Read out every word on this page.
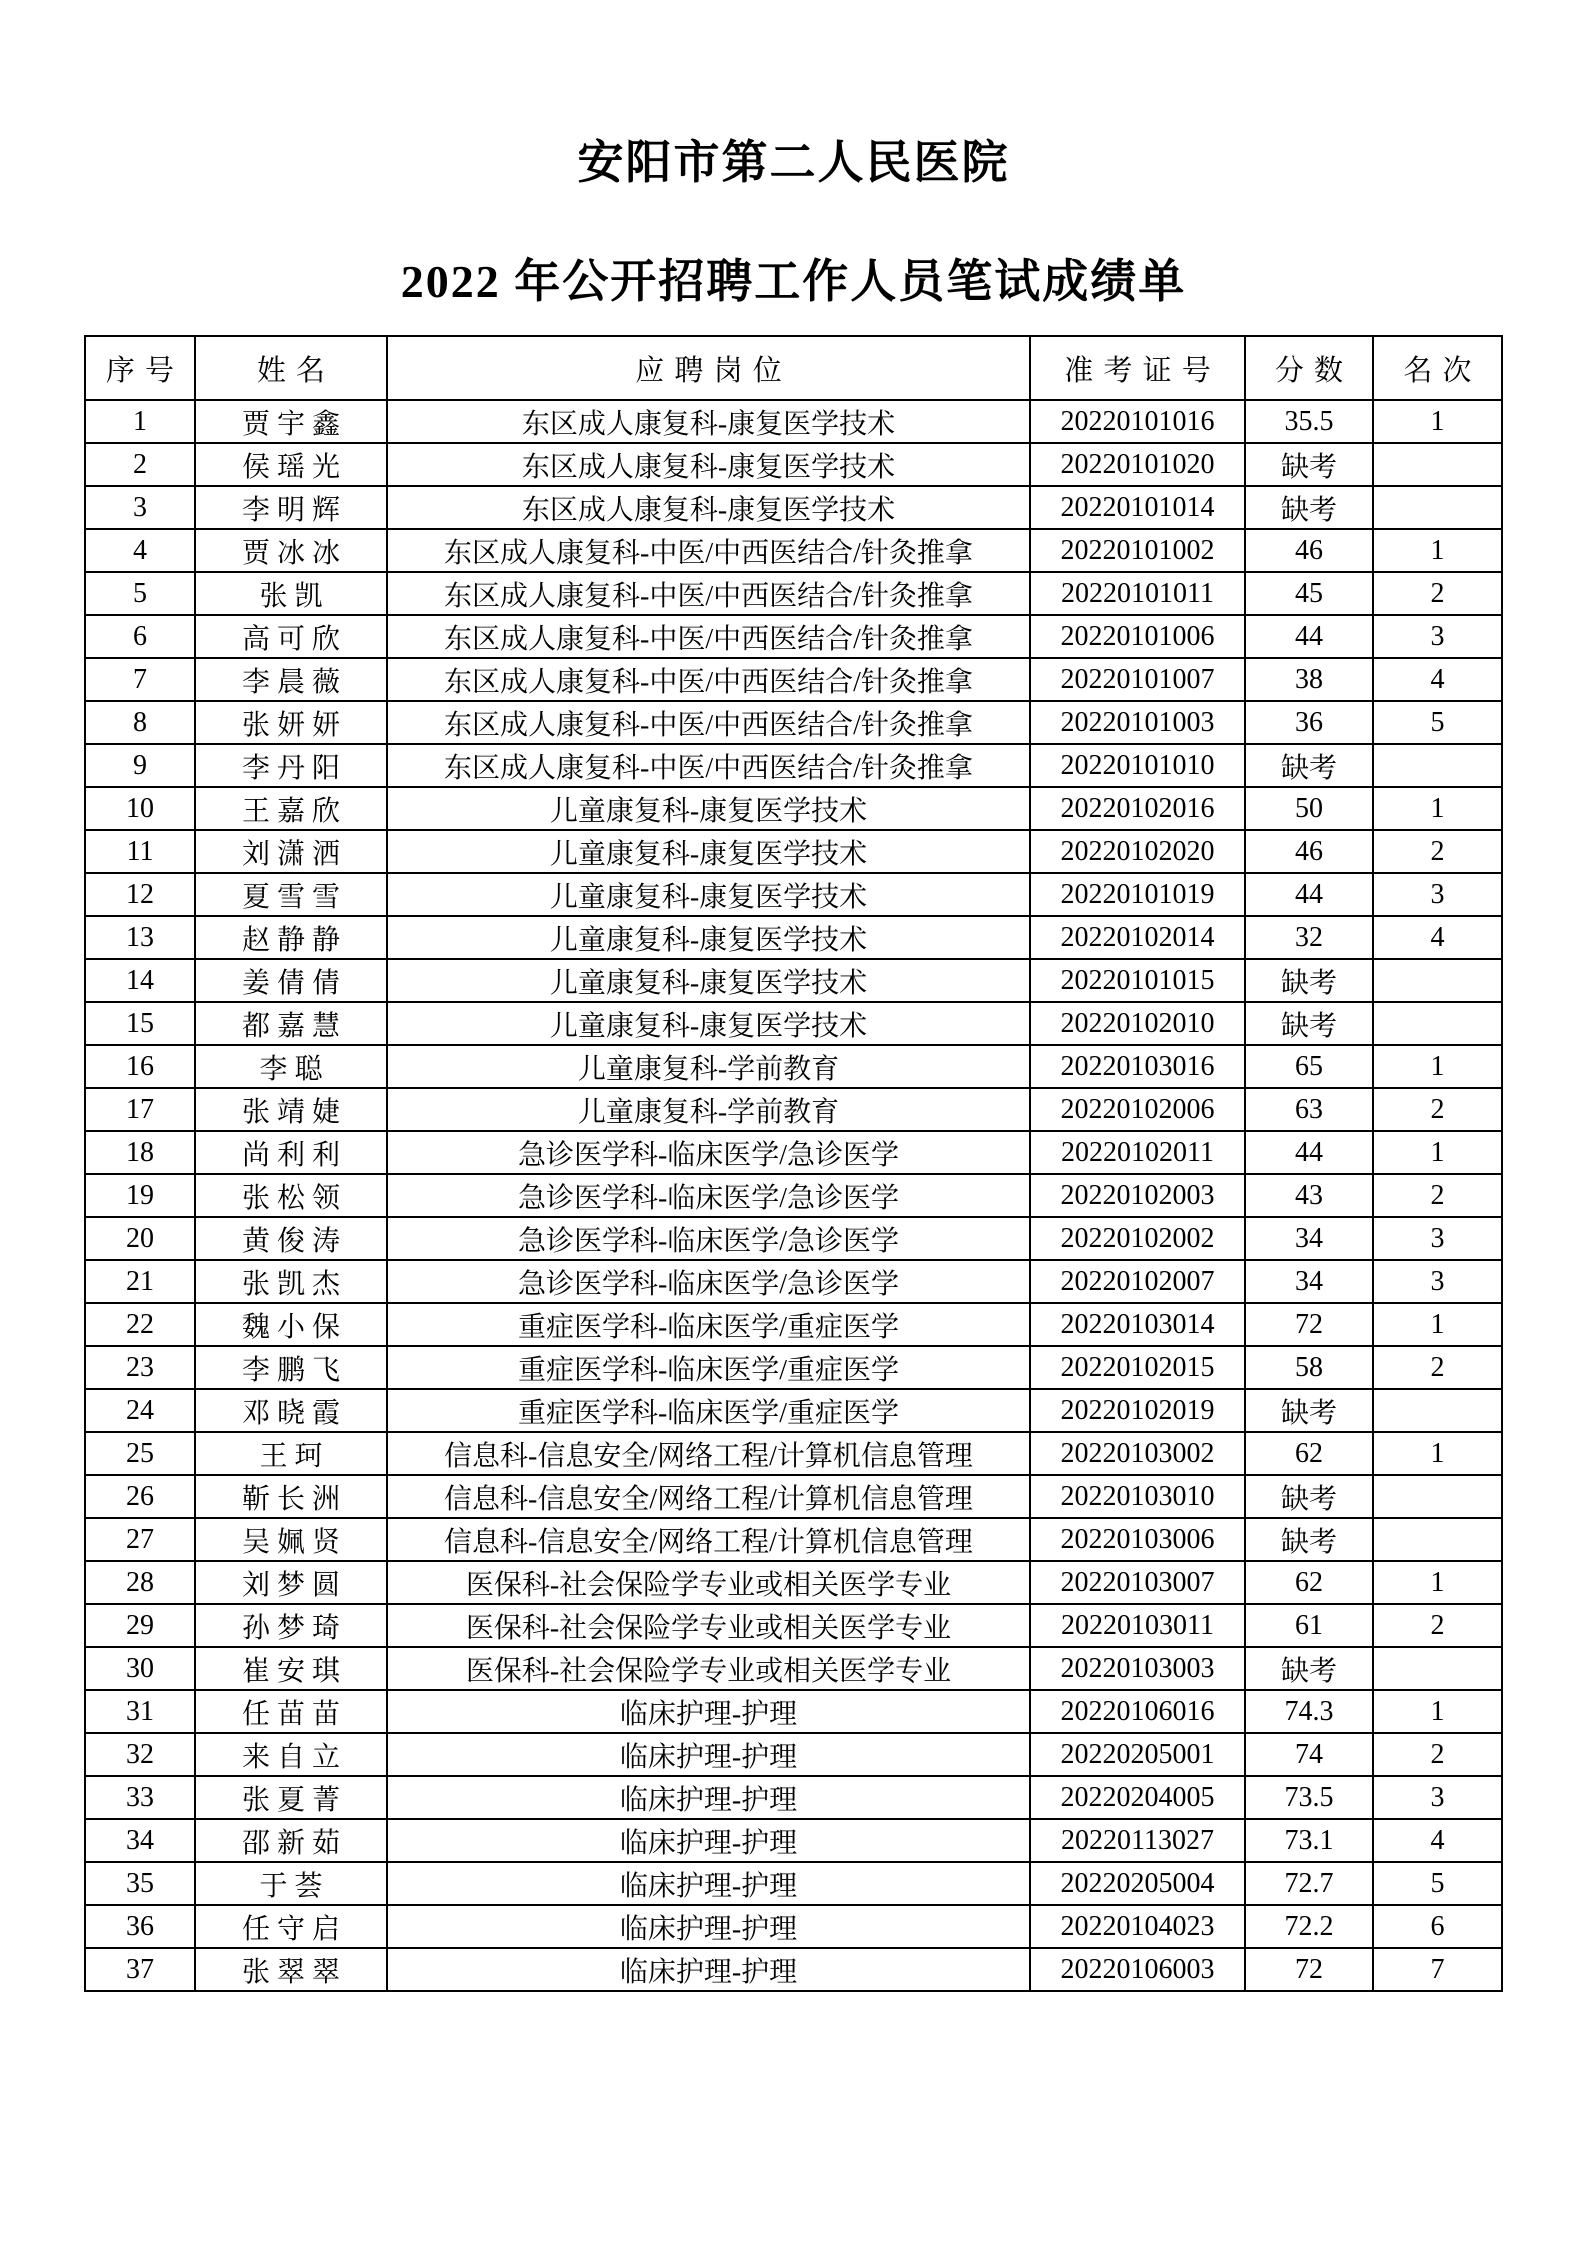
安阳市第二人民医院
2022 年公开招聘工作人员笔试成绩单
序号	姓名	应聘岗位	准考证号	分数	名次
1	贾宇鑫	东区成人康复科-康复医学技术	20220101016	35.5	1
2	侯瑶光	东区成人康复科-康复医学技术	20220101020	缺考	
3	李明辉	东区成人康复科-康复医学技术	20220101014	缺考	
4	贾冰冰	东区成人康复科-中医/中西医结合/针灸推拿	20220101002	46	1
5	张凯	东区成人康复科-中医/中西医结合/针灸推拿	20220101011	45	2
6	高可欣	东区成人康复科-中医/中西医结合/针灸推拿	20220101006	44	3
7	李晨薇	东区成人康复科-中医/中西医结合/针灸推拿	20220101007	38	4
8	张妍妍	东区成人康复科-中医/中西医结合/针灸推拿	20220101003	36	5
9	李丹阳	东区成人康复科-中医/中西医结合/针灸推拿	20220101010	缺考	
10	王嘉欣	儿童康复科-康复医学技术	20220102016	50	1
11	刘潇洒	儿童康复科-康复医学技术	20220102020	46	2
12	夏雪雪	儿童康复科-康复医学技术	20220101019	44	3
13	赵静静	儿童康复科-康复医学技术	20220102014	32	4
14	姜倩倩	儿童康复科-康复医学技术	20220101015	缺考	
15	都嘉慧	儿童康复科-康复医学技术	20220102010	缺考	
16	李聪	儿童康复科-学前教育	20220103016	65	1
17	张靖婕	儿童康复科-学前教育	20220102006	63	2
18	尚利利	急诊医学科-临床医学/急诊医学	20220102011	44	1
19	张松领	急诊医学科-临床医学/急诊医学	20220102003	43	2
20	黄俊涛	急诊医学科-临床医学/急诊医学	20220102002	34	3
21	张凯杰	急诊医学科-临床医学/急诊医学	20220102007	34	3
22	魏小保	重症医学科-临床医学/重症医学	20220103014	72	1
23	李鹏飞	重症医学科-临床医学/重症医学	20220102015	58	2
24	邓晓霞	重症医学科-临床医学/重症医学	20220102019	缺考	
25	王珂	信息科-信息安全/网络工程/计算机信息管理	20220103002	62	1
26	靳长洲	信息科-信息安全/网络工程/计算机信息管理	20220103010	缺考	
27	吴姵贤	信息科-信息安全/网络工程/计算机信息管理	20220103006	缺考	
28	刘梦圆	医保科-社会保险学专业或相关医学专业	20220103007	62	1
29	孙梦琦	医保科-社会保险学专业或相关医学专业	20220103011	61	2
30	崔安琪	医保科-社会保险学专业或相关医学专业	20220103003	缺考	
31	任苗苗	临床护理-护理	20220106016	74.3	1
32	来自立	临床护理-护理	20220205001	74	2
33	张夏菁	临床护理-护理	20220204005	73.5	3
34	邵新茹	临床护理-护理	20220113027	73.1	4
35	于荟	临床护理-护理	20220205004	72.7	5
36	任守启	临床护理-护理	20220104023	72.2	6
37	张翠翠	临床护理-护理	20220106003	72	7
